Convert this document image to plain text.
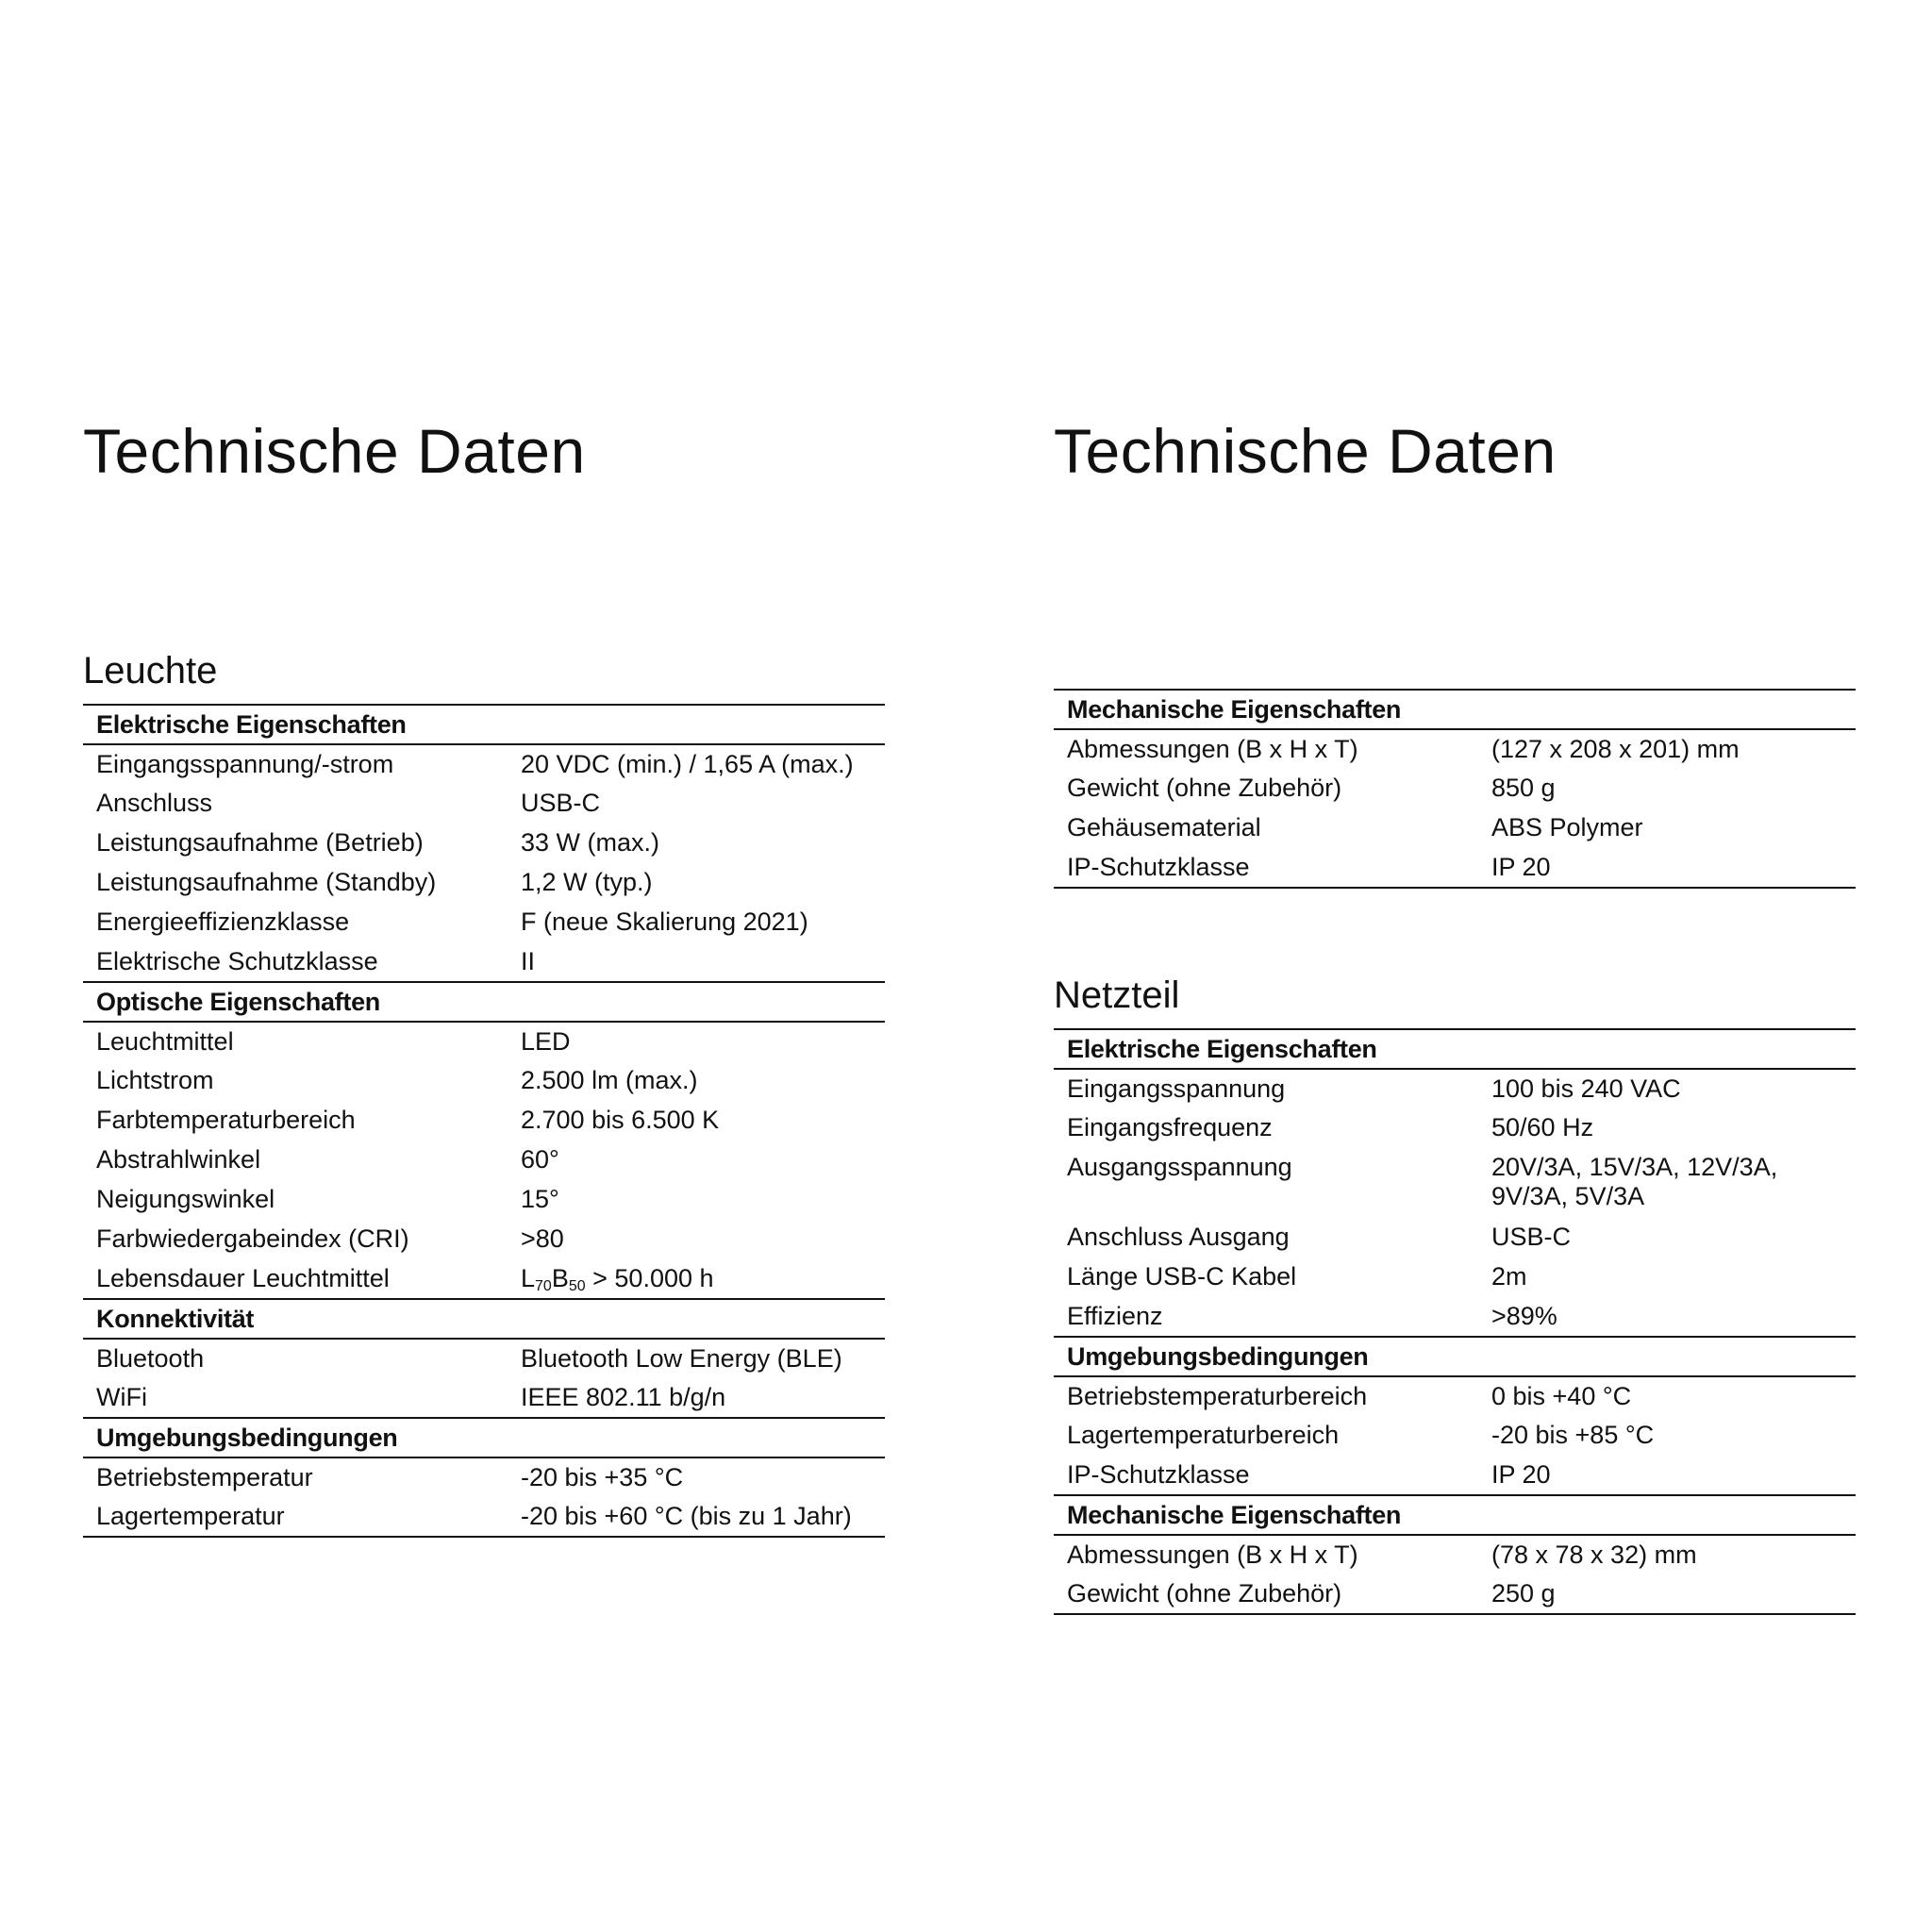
Technische Daten
Leuchte
Elektrische Eigenschaften	
Eingangsspannung/-strom	20 VDC (min.) / 1,65 A (max.)
Anschluss	USB-C
Leistungsaufnahme (Betrieb)	33 W (max.)
Leistungsaufnahme (Standby)	1,2 W (typ.)
Energieeffizienzklasse	F (neue Skalierung 2021)
Elektrische Schutzklasse	II
Optische Eigenschaften	
Leuchtmittel	LED
Lichtstrom	2.500 lm (max.)
Farbtemperaturbereich	2.700 bis 6.500 K
Abstrahlwinkel	60°
Neigungswinkel	15°
Farbwiedergabeindex (CRI)	>80
Lebensdauer Leuchtmittel	$L_{70}B_{50} > 50.000$ h
Konnektivität	
Bluetooth	Bluetooth Low Energy (BLE)
WiFi	IEEE 802.11 b/g/n
Umgebungsbedingungen	
Betriebstemperatur	-20 bis +35 °C
Lagertemperatur	-20 bis +60 °C (bis zu 1 Jahr)
Technische Daten
Mechanische Eigenschaften	
Abmessungen (B x H x T)	(127 x 208 x 201) mm
Gewicht (ohne Zubehör)	850 g
Gehäusematerial	ABS Polymer
IP-Schutzklasse	IP 20
Netzteil
Elektrische Eigenschaften	
Eingangsspannung	100 bis 240 VAC
Eingangsfrequenz	50/60 Hz
Ausgangsspannung	20V/3A, 15V/3A, 12V/3A,
9V/3A, 5V/3A

Anschluss Ausgang	USB-C
Länge USB-C Kabel	2m
Effizienz	>89%
Umgebungsbedingungen	
Betriebstemperaturbereich	0 bis +40 °C
Lagertemperaturbereich	-20 bis +85 °C
IP-Schutzklasse	IP 20
Mechanische Eigenschaften	
Abmessungen (B x H x T)	(78 x 78 x 32) mm
Gewicht (ohne Zubehör)	250 g
